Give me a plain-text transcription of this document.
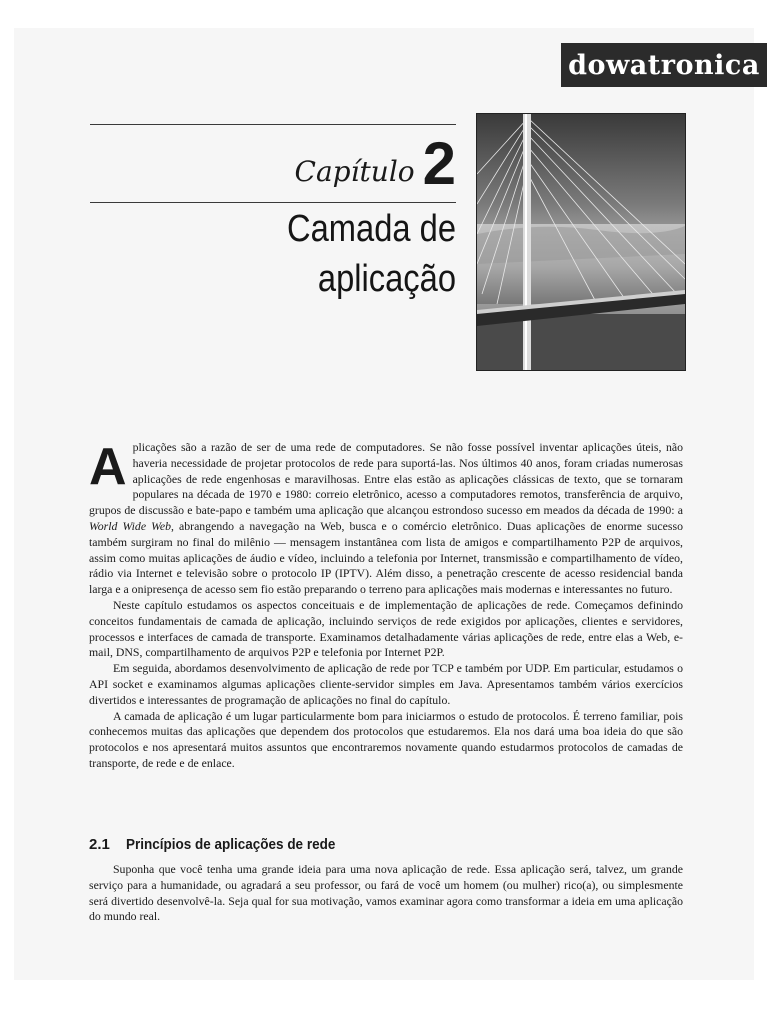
dowatronica
Capítulo 2
Camada de aplicação

Aplicações são a razão de ser de uma rede de computadores. Se não fosse possível inventar aplicações úteis, não haveria necessidade de projetar protocolos de rede para suportá-las. Nos últimos 40 anos, foram criadas numerosas aplicações de rede engenhosas e maravilhosas. Entre elas estão as aplicações clássicas de texto, que se tornaram populares na década de 1970 e 1980: correio eletrônico, acesso a computadores remotos, transferência de arquivo, grupos de discussão e bate-papo e também uma aplicação que alcançou estrondoso sucesso em meados da década de 1990: a World Wide Web, abrangendo a navegação na Web, busca e o comércio eletrônico. Duas aplicações de enorme sucesso também surgiram no final do milênio — mensagem instantânea com lista de amigos e compartilhamento P2P de arquivos, assim como muitas aplicações de áudio e vídeo, incluindo a telefonia por Internet, transmissão e compartilhamento de vídeo, rádio via Internet e televisão sobre o protocolo IP (IPTV). Além disso, a penetração crescente de acesso residencial banda larga e a onipresença de acesso sem fio estão preparando o terreno para aplicações mais modernas e interessantes no futuro.

Neste capítulo estudamos os aspectos conceituais e de implementação de aplicações de rede. Começamos definindo conceitos fundamentais de camada de aplicação, incluindo serviços de rede exigidos por aplicações, clientes e servidores, processos e interfaces de camada de transporte. Examinamos detalhadamente várias aplicações de rede, entre elas a Web, e-mail, DNS, compartilhamento de arquivos P2P e telefonia por Internet P2P.

Em seguida, abordamos desenvolvimento de aplicação de rede por TCP e também por UDP. Em particular, estudamos o API socket e examinamos algumas aplicações cliente-servidor simples em Java. Apresentamos também vários exercícios divertidos e interessantes de programação de aplicações no final do capítulo.

A camada de aplicação é um lugar particularmente bom para iniciarmos o estudo de protocolos. É terreno familiar, pois conhecemos muitas das aplicações que dependem dos protocolos que estudaremos. Ela nos dará uma boa ideia do que são protocolos e nos apresentará muitos assuntos que encontraremos novamente quando estudarmos protocolos de camadas de transporte, de rede e de enlace.

2.1 Princípios de aplicações de rede

Suponha que você tenha uma grande ideia para uma nova aplicação de rede. Essa aplicação será, talvez, um grande serviço para a humanidade, ou agradará a seu professor, ou fará de você um homem (ou mulher) rico(a), ou simplesmente será divertido desenvolvê-la. Seja qual for sua motivação, vamos examinar agora como transformar a ideia em uma aplicação do mundo real.
